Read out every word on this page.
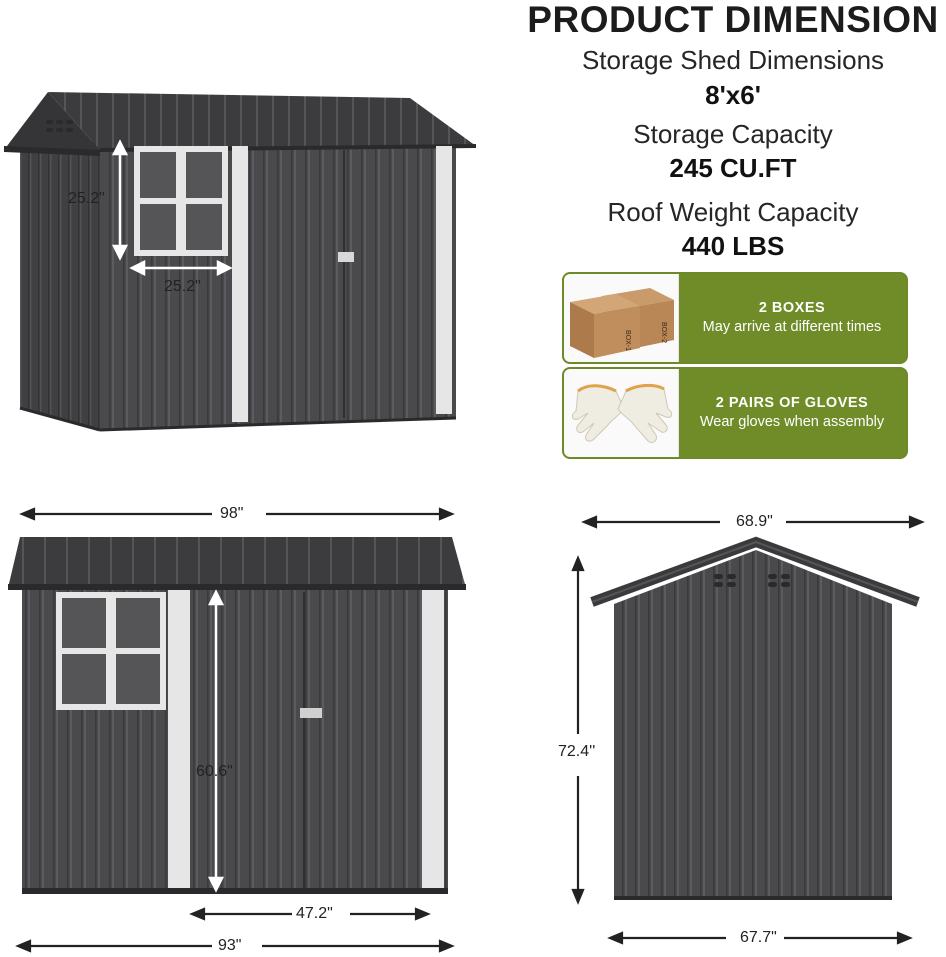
PRODUCT DIMENSION
Storage Shed Dimensions
8'x6'
Storage Capacity
245 CU.FT
Roof Weight Capacity
440 LBS
BOX-1	BOX-2
2 BOXES
May arrive at different times
2 PAIRS OF GLOVES
Wear gloves when assembly
25.2"
25.2"
98"
60.6"
47.2"
93"
68.9"
72.4''
67.7"
